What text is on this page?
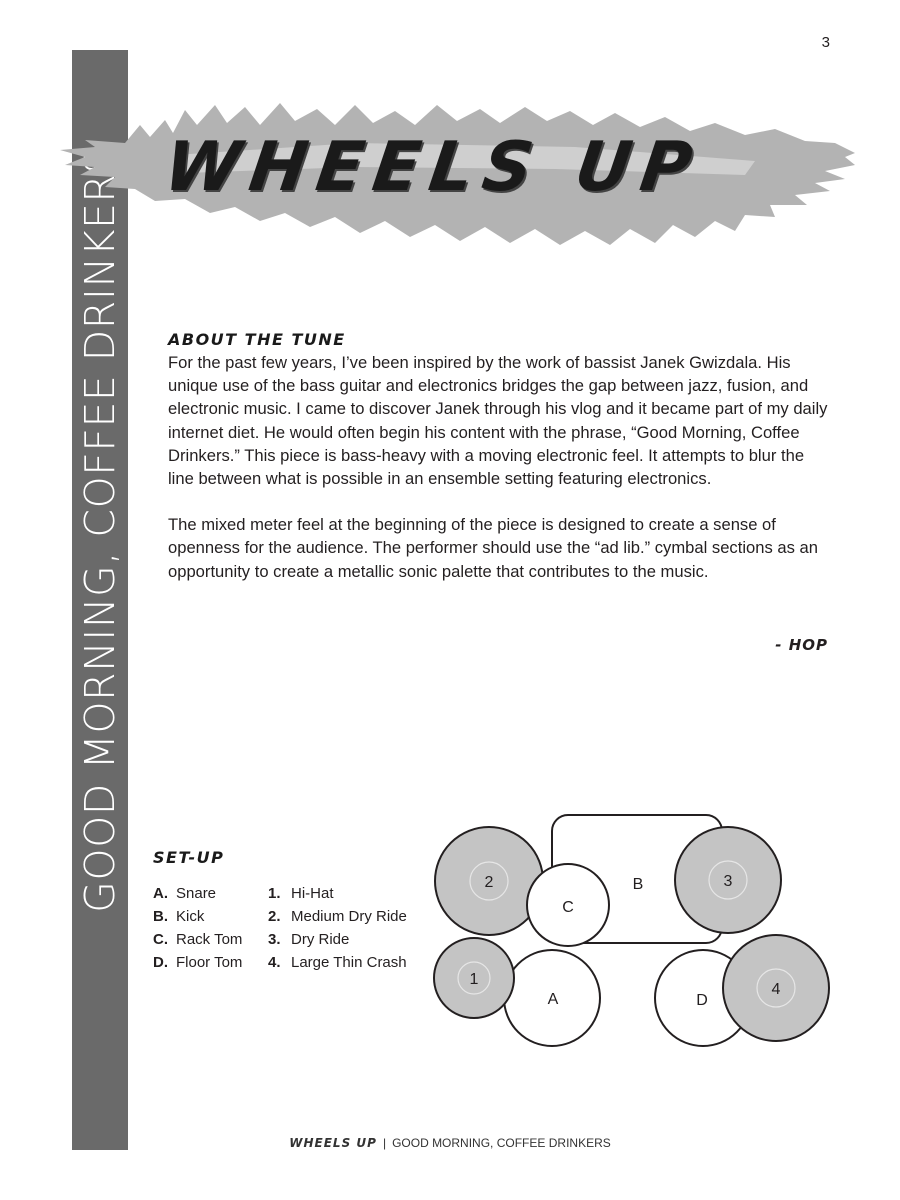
3
GOOD MORNING, COFFEE DRINKERS WHEELS UP
ABOUT THE TUNE

For the past few years, I’ve been inspired by the work of bassist Janek Gwizdala. His unique use of the bass guitar and electronics bridges the gap between jazz, fusion, and electronic music. I came to discover Janek through his vlog and it became part of my daily internet diet. He would often begin his content with the phrase, “Good Morning, Coffee Drinkers.” This piece is bass-heavy with a moving electronic feel. It attempts to blur the line between what is possible in an ensemble setting featuring electronics.

The mixed meter feel at the beginning of the piece is designed to create a sense of openness for the audience. The performer should use the “ad lib.” cymbal sections as an opportunity to create a metallic sonic palette that contributes to the music.

- HOP
SET-UP
A. Snare
B. Kick
C. Rack Tom
D. Floor Tom
1. Hi-Hat
2. Medium Dry Ride
3. Dry Ride
4. Large Thin Crash
B
2
C
3
A
1
D
4
WHEELS UP | GOOD MORNING, COFFEE DRINKERS
